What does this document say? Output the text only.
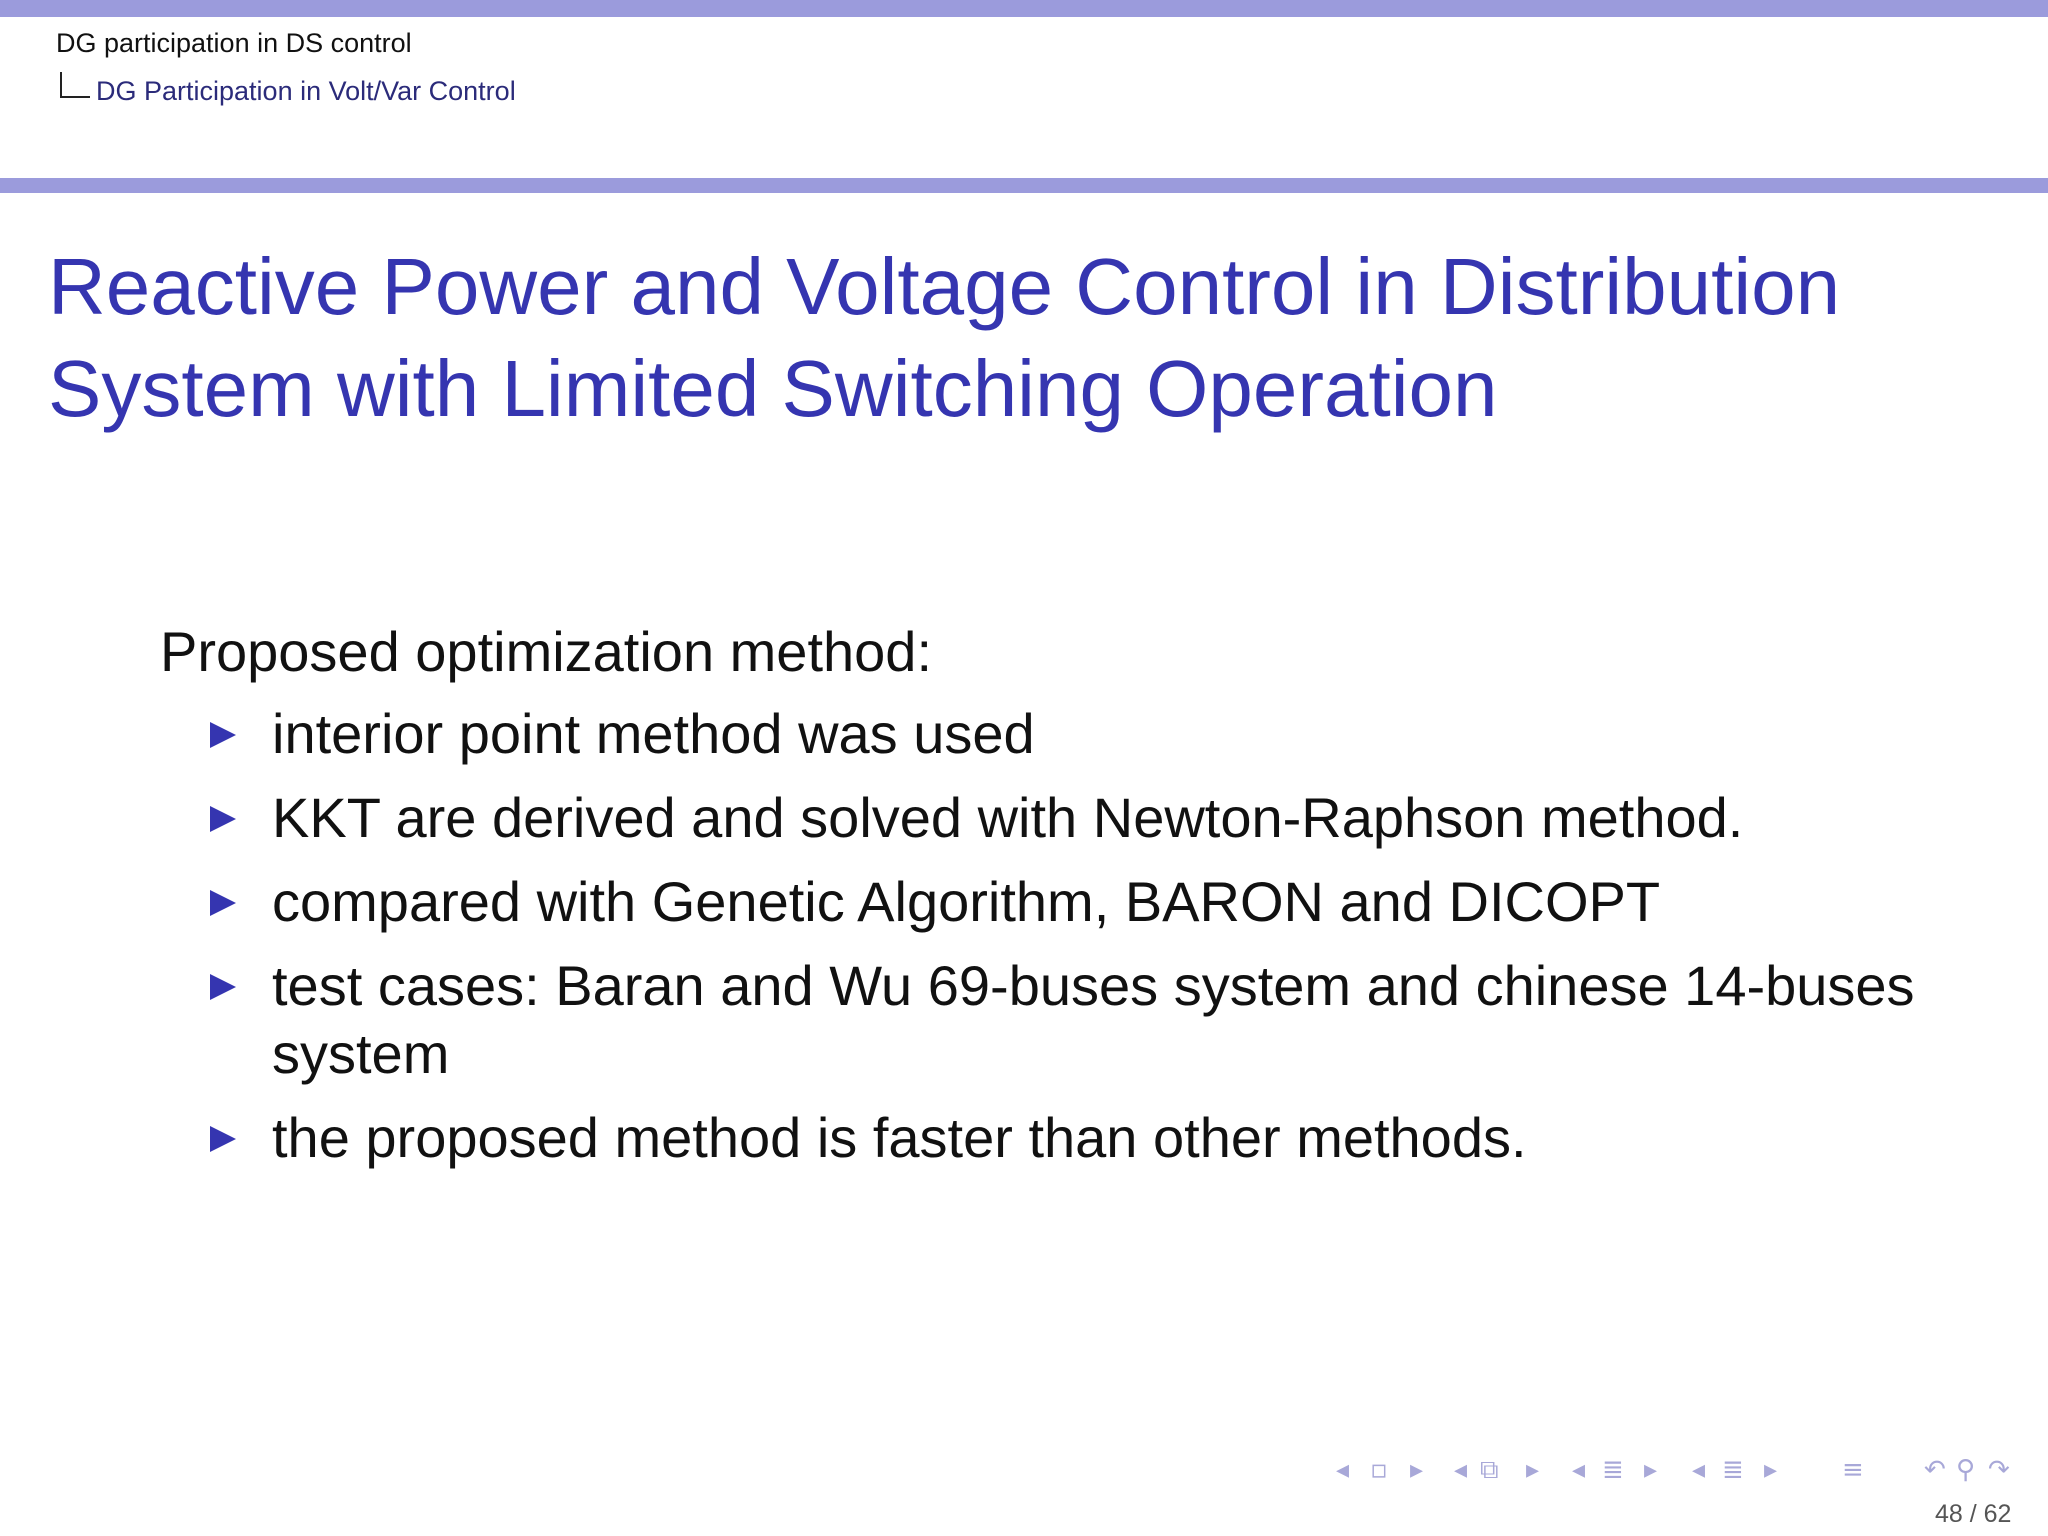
DG participation in DS control
DG Participation in Volt/Var Control
Reactive Power and Voltage Control in Distribution System with Limited Switching Operation
Proposed optimization method:
interior point method was used
KKT are derived and solved with Newton-Raphson method.
compared with Genetic Algorithm, BARON and DICOPT
test cases: Baran and Wu 69-buses system and chinese 14-buses system
the proposed method is faster than other methods.
◂ ▫ ▸ ◂ ⧉ ▸ ◂ ≣ ▸ ◂ ≣ ▸ ≡ ↶ ⚲ ↷
48 / 62
